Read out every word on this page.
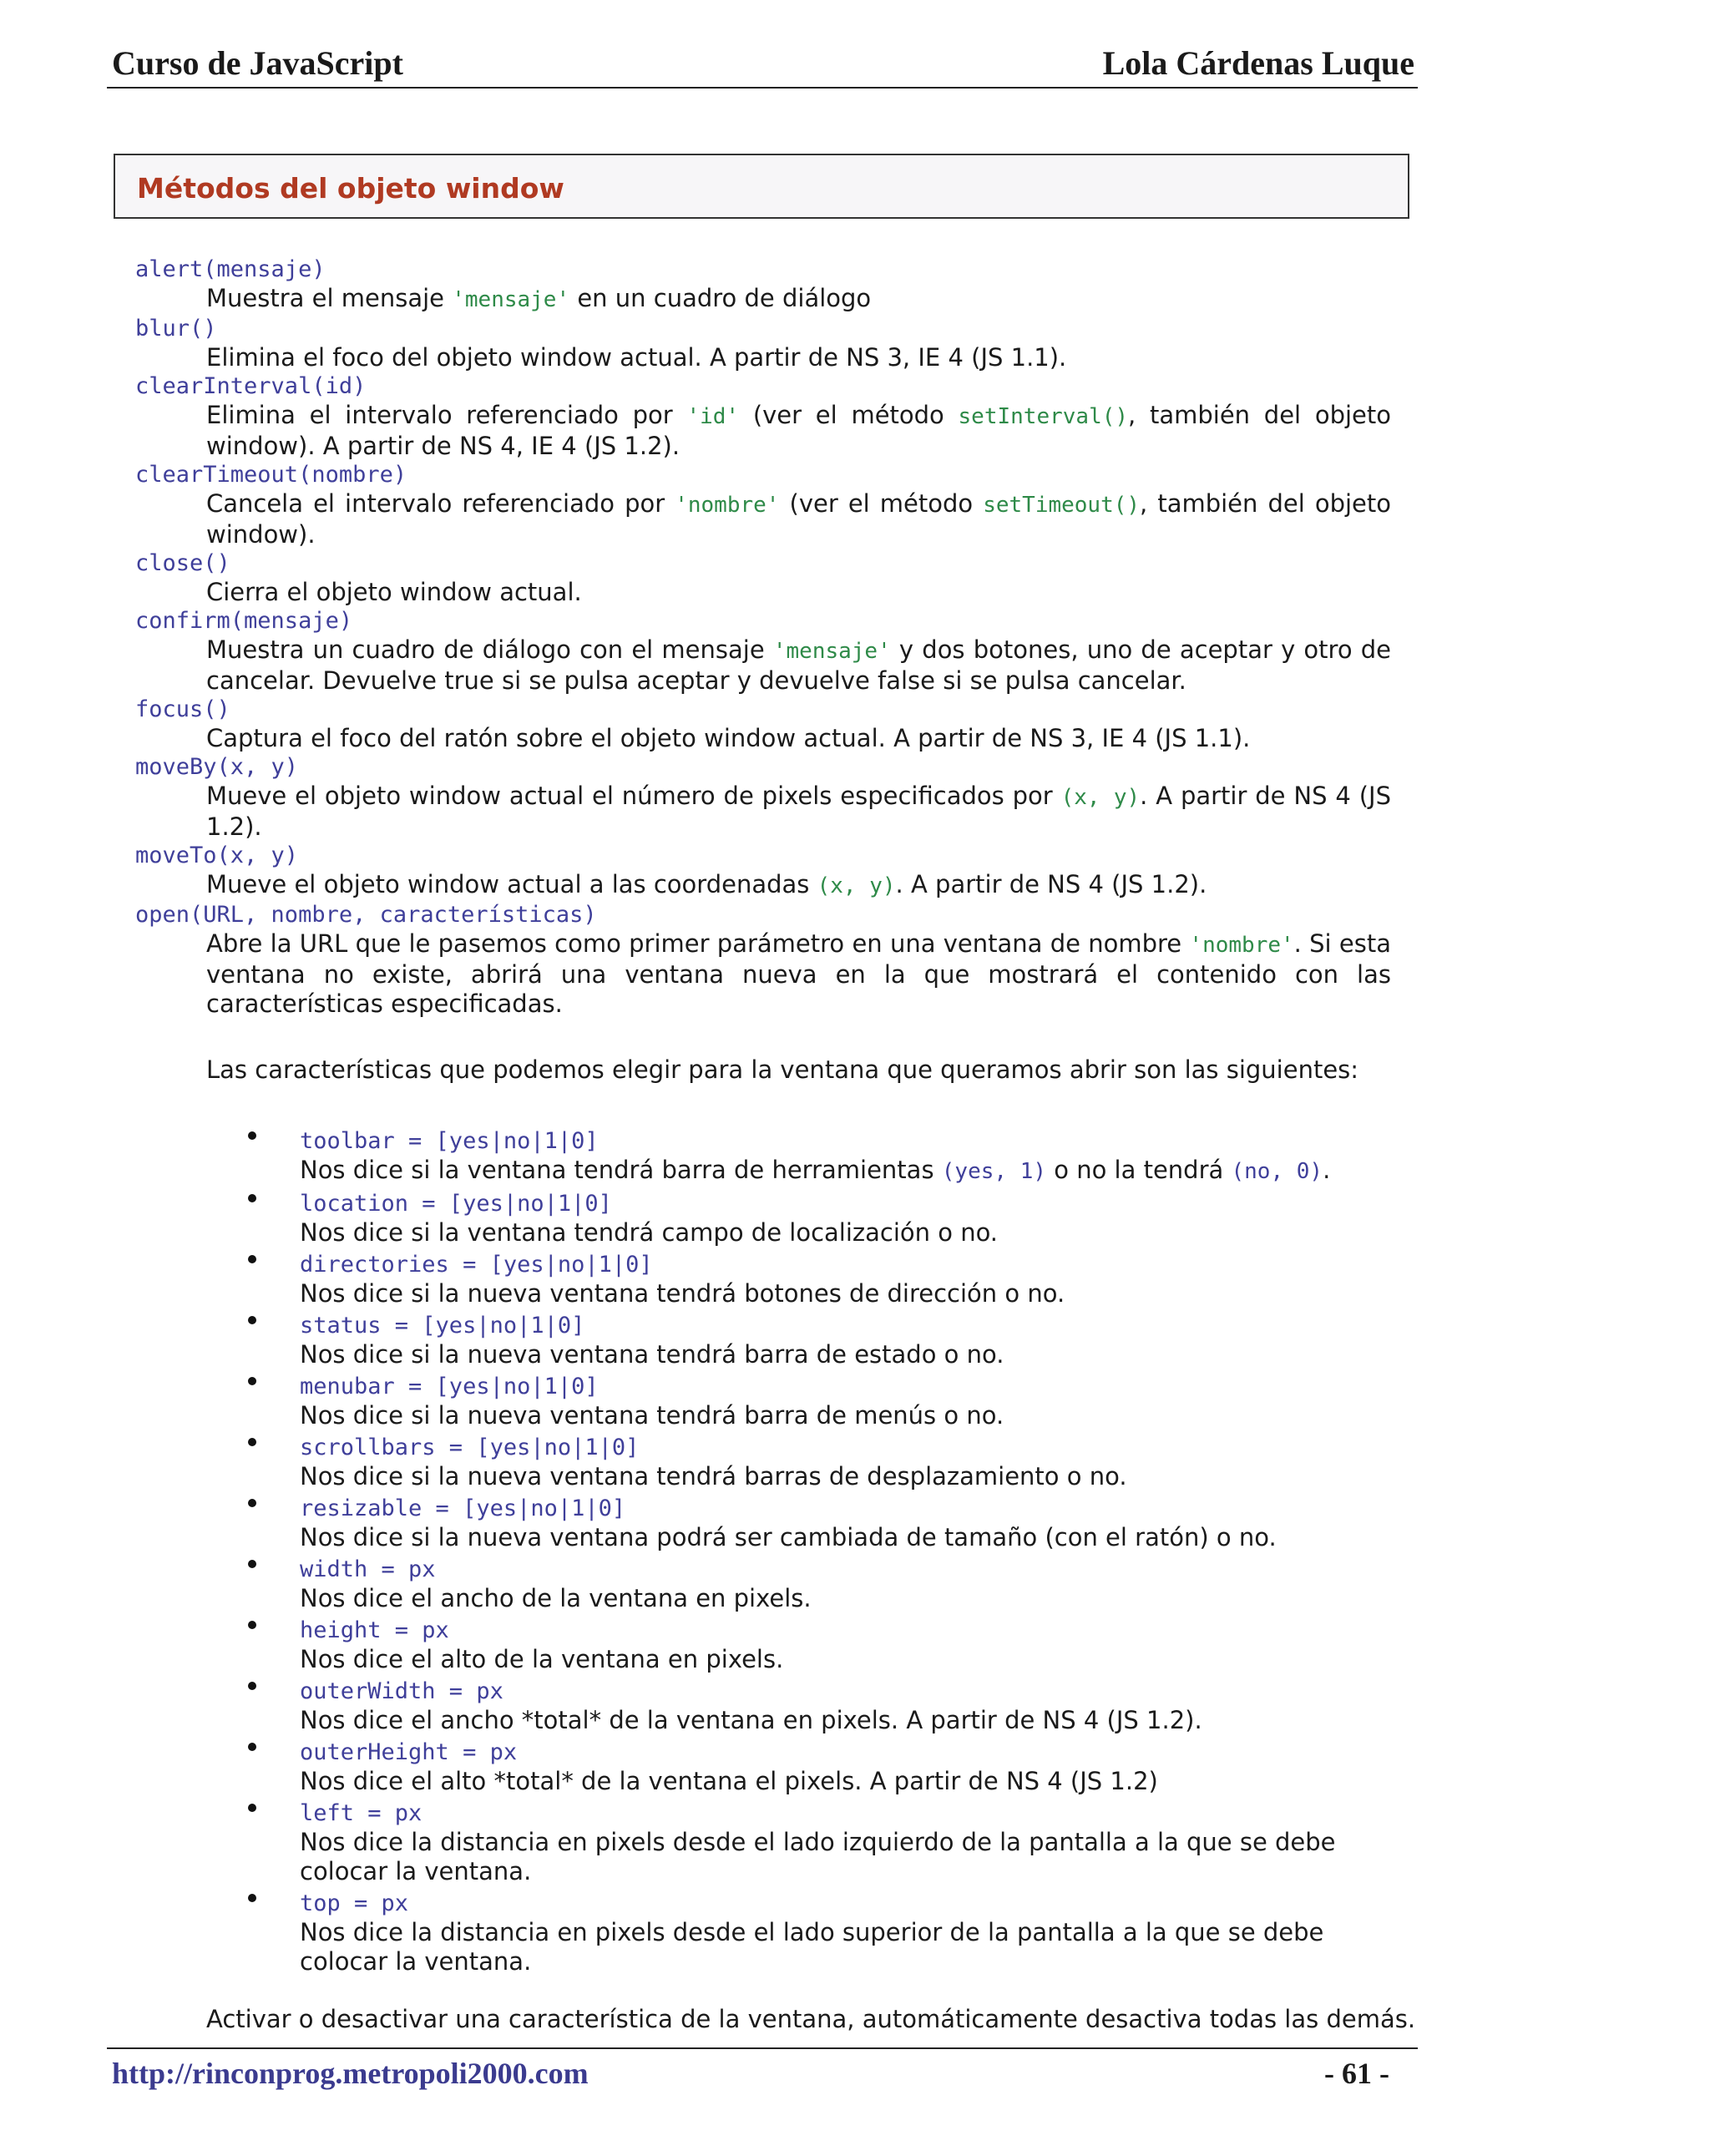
Curso de JavaScript	Lola Cárdenas Luque
Métodos del objeto window
alert(mensaje)
Muestra el mensaje 'mensaje' en un cuadro de diálogo
blur()
Elimina el foco del objeto window actual. A partir de NS 3, IE 4 (JS 1.1).
clearInterval(id)
Elimina el intervalo referenciado por 'id' (ver el método setInterval(), también del objeto window). A partir de NS 4, IE 4 (JS 1.2).
clearTimeout(nombre)
Cancela el intervalo referenciado por 'nombre' (ver el método setTimeout(), también del objeto window).
close()
Cierra el objeto window actual.
confirm(mensaje)
Muestra un cuadro de diálogo con el mensaje 'mensaje' y dos botones, uno de aceptar y otro de cancelar. Devuelve true si se pulsa aceptar y devuelve false si se pulsa cancelar.
focus()
Captura el foco del ratón sobre el objeto window actual. A partir de NS 3, IE 4 (JS 1.1).
moveBy(x, y)
Mueve el objeto window actual el número de pixels especificados por (x, y). A partir de NS 4 (JS 1.2).
moveTo(x, y)
Mueve el objeto window actual a las coordenadas (x, y). A partir de NS 4 (JS 1.2).
open(URL, nombre, características)
Abre la URL que le pasemos como primer parámetro en una ventana de nombre 'nombre'. Si esta ventana no existe, abrirá una ventana nueva en la que mostrará el contenido con las características especificadas.
Las características que podemos elegir para la ventana que queramos abrir son las siguientes:
toolbar = [yes|no|1|0]
Nos dice si la ventana tendrá barra de herramientas (yes, 1) o no la tendrá (no, 0).
location = [yes|no|1|0]
Nos dice si la ventana tendrá campo de localización o no.
directories = [yes|no|1|0]
Nos dice si la nueva ventana tendrá botones de dirección o no.
status = [yes|no|1|0]
Nos dice si la nueva ventana tendrá barra de estado o no.
menubar = [yes|no|1|0]
Nos dice si la nueva ventana tendrá barra de menús o no.
scrollbars = [yes|no|1|0]
Nos dice si la nueva ventana tendrá barras de desplazamiento o no.
resizable = [yes|no|1|0]
Nos dice si la nueva ventana podrá ser cambiada de tamaño (con el ratón) o no.
width = px
Nos dice el ancho de la ventana en pixels.
height = px
Nos dice el alto de la ventana en pixels.
outerWidth = px
Nos dice el ancho *total* de la ventana en pixels. A partir de NS 4 (JS 1.2).
outerHeight = px
Nos dice el alto *total* de la ventana el pixels. A partir de NS 4 (JS 1.2)
left = px
Nos dice la distancia en pixels desde el lado izquierdo de la pantalla a la que se debe colocar la ventana.
top = px
Nos dice la distancia en pixels desde el lado superior de la pantalla a la que se debe colocar la ventana.
Activar o desactivar una característica de la ventana, automáticamente desactiva todas las demás.
http://rinconprog.metropoli2000.com	- 61 -
